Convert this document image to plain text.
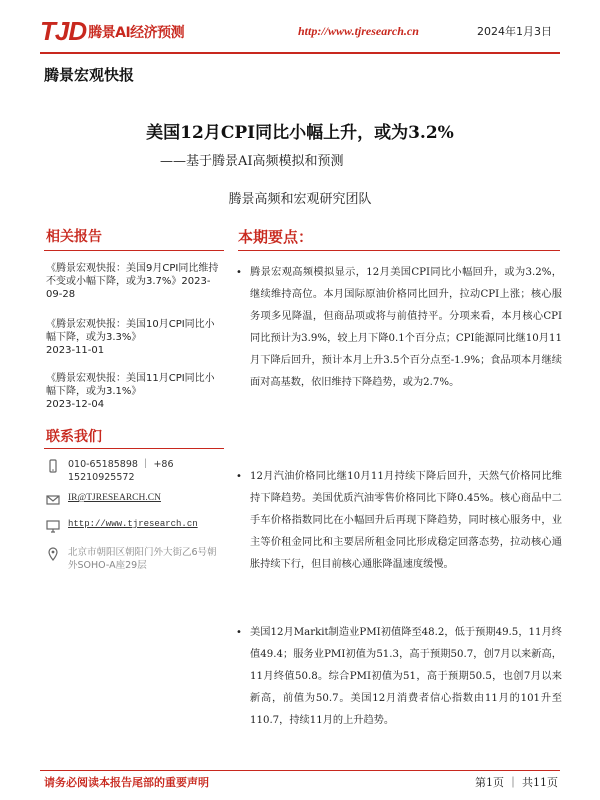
TJD 腾景AI经济预测	http://www.tjresearch.cn	2024年1月3日
腾景宏观快报
美国12月CPI同比小幅上升，或为3.2%
——基于腾景AI高频模拟和预测
腾景高频和宏观研究团队
相关报告
《腾景宏观快报：美国9月CPI同比维持不变或小幅下降，或为3.7%》2023-09-28
《腾景宏观快报：美国10月CPI同比小幅下降，或为3.3%》
2023-11-01
《腾景宏观快报：美国11月CPI同比小幅下降，或为3.1%》
2023-12-04
联系我们
010-65185898 ｜ +86 15210925572
IR@TJRESEARCH.CN
http://www.tjresearch.cn
北京市朝阳区朝阳门外大街乙6号朝外SOHO-A座29层
本期要点：
• 腾景宏观高频模拟显示，12月美国CPI同比小幅回升，或为3.2%，继续维持高位。本月国际原油价格同比回升，拉动CPI上涨；核心服务项多见降温，但商品项或将与前值持平。分项来看，本月核心CPI同比预计为3.9%，较上月下降0.1个百分点；CPI能源同比继10月11月下降后回升，预计本月上升3.5个百分点至-1.9%；食品项本月继续面对高基数，依旧维持下降趋势，或为2.7%。
• 12月汽油价格同比继10月11月持续下降后回升，天然气价格同比维持下降趋势。美国优质汽油零售价格同比下降0.45%。核心商品中二手车价格指数同比在小幅回升后再现下降趋势，同时核心服务中，业主等价租金同比和主要居所租金同比形成稳定回落态势，拉动核心通胀持续下行，但目前核心通胀降温速度缓慢。
• 美国12月Markit制造业PMI初值降至48.2，低于预期49.5，11月终值49.4；服务业PMI初值为51.3，高于预期50.7，创7月以来新高，11月终值50.8。综合PMI初值为51，高于预期50.5，也创7月以来新高，前值为50.7。美国12月消费者信心指数由11月的101升至110.7，持续11月的上升趋势。
请务必阅读本报告尾部的重要声明	第1页 ｜ 共11页
